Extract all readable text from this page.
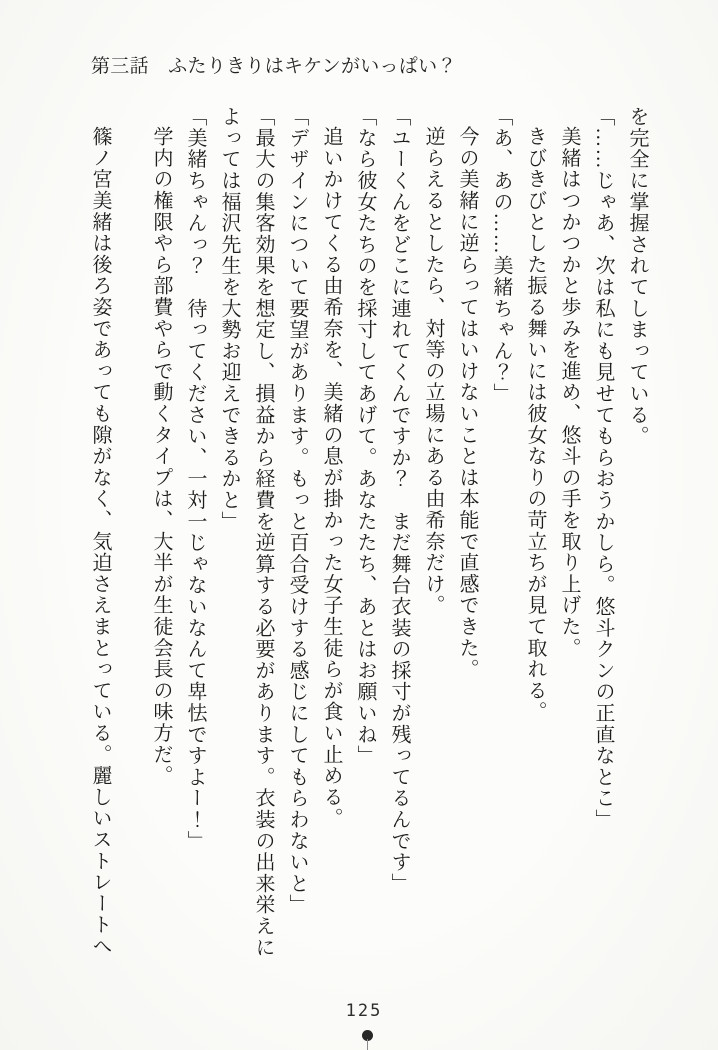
第三話　ふたりきりはキケンがいっぱい？

を完全に掌握されてしまっている。

「……じゃあ、次は私にも見せてもらおうかしら。悠斗クンの正直なとこ」

美緒はつかつかと歩みを進め、悠斗の手を取り上げた。

きびきびとした振る舞いには彼女なりの苛立ちが見て取れる。

「あ、あの……美緒ちゃん？」

今の美緒に逆らってはいけないことは本能で直感できた。

逆らえるとしたら、対等の立場にある由希奈だけ。

「ユーくんをどこに連れてくんですか？　まだ舞台衣装の採寸が残ってるんです」

「なら彼女たちのを採寸してあげて。あなたたち、あとはお願いね」

追いかけてくる由希奈を、美緒の息が掛かった女子生徒らが食い止める。

「デザインについて要望があります。もっと百合受けする感じにしてもらわないと」

「最大の集客効果を想定し、損益から経費を逆算する必要があります。衣装の出来栄えによっては福沢先生を大勢お迎えできるかと」

「美緒ちゃんっ？　待ってください、一対一じゃないなんて卑怯ですよー！」

学内の権限やら部費やらで動くタイプは、大半が生徒会長の味方だ。

篠ノ宮美緒は後ろ姿であっても隙がなく、気迫さえまとっている。麗しいストレートへ

125
